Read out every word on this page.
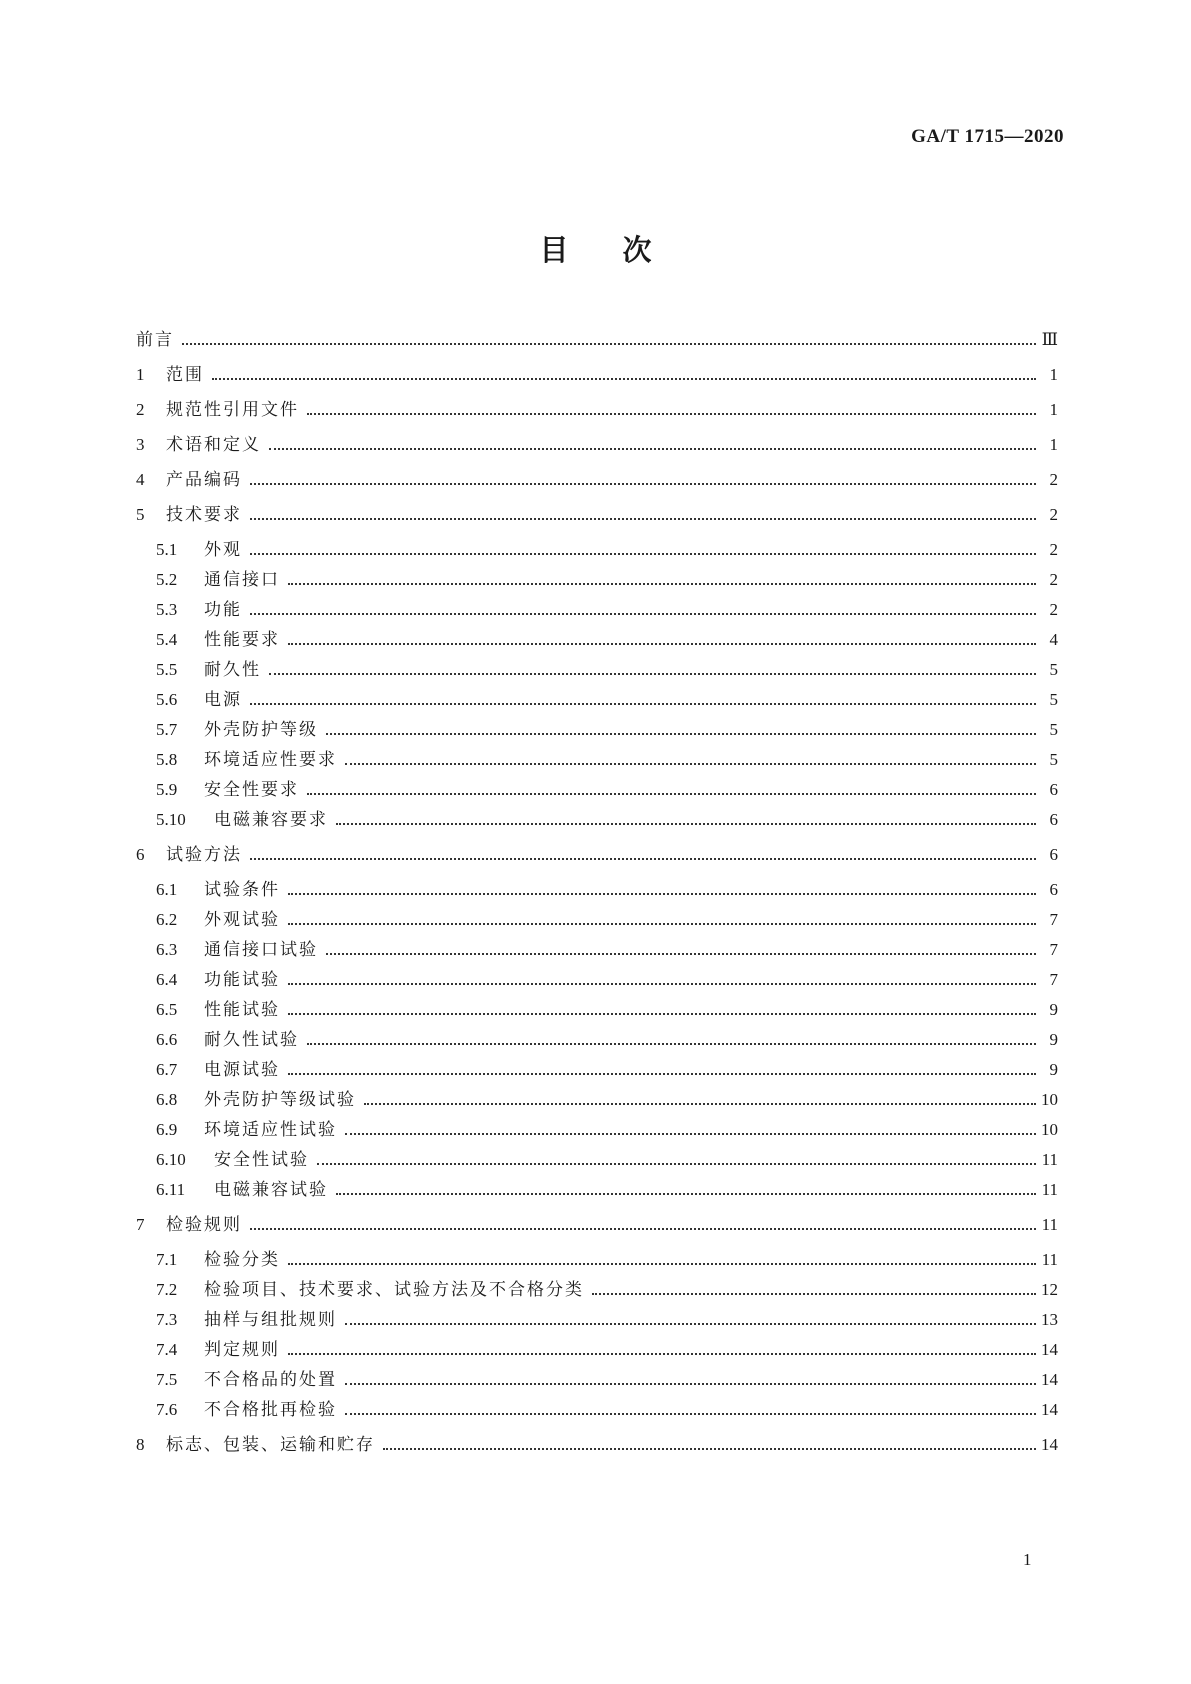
GA/T 1715—2020
目次
前言	Ⅲ
1	范围	1
2	规范性引用文件	1
3	术语和定义	1
4	产品编码	2
5	技术要求	2
5.1	外观	2
5.2	通信接口	2
5.3	功能	2
5.4	性能要求	4
5.5	耐久性	5
5.6	电源	5
5.7	外壳防护等级	5
5.8	环境适应性要求	5
5.9	安全性要求	6
5.10	电磁兼容要求	6
6	试验方法	6
6.1	试验条件	6
6.2	外观试验	7
6.3	通信接口试验	7
6.4	功能试验	7
6.5	性能试验	9
6.6	耐久性试验	9
6.7	电源试验	9
6.8	外壳防护等级试验	10
6.9	环境适应性试验	10
6.10	安全性试验	11
6.11	电磁兼容试验	11
7	检验规则	11
7.1	检验分类	11
7.2	检验项目、技术要求、试验方法及不合格分类	12
7.3	抽样与组批规则	13
7.4	判定规则	14
7.5	不合格品的处置	14
7.6	不合格批再检验	14
8	标志、包装、运输和贮存	14
1
